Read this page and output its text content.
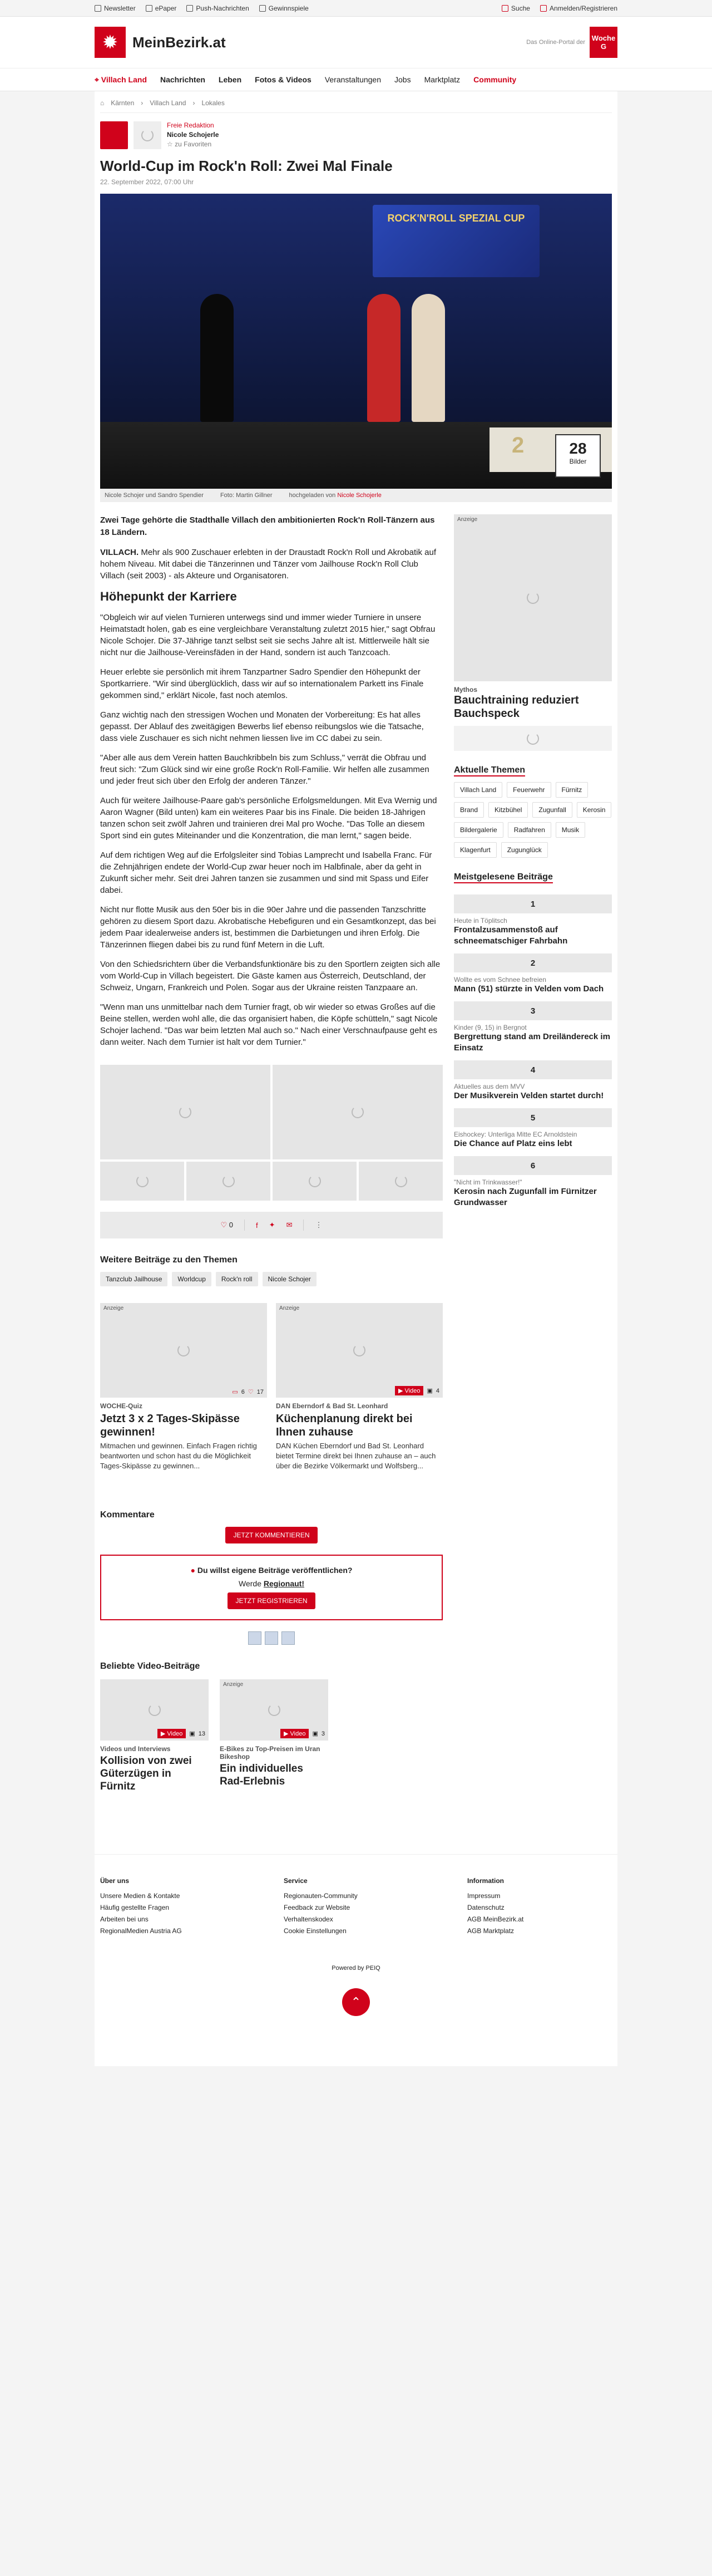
Newsletter	ePaper	Push-Nachrichten	Gewinnspiele	Suche	Anmelden/Registrieren
✹	MeinBezirk.at	Das Online-Portal der Woche G
⌖ Villach Land Nachrichten Leben Fotos & Videos Veranstaltungen Jobs Marktplatz Community
⌂ Kärnten › Villach Land › Lokales
Freie Redaktion
Nicole Schojerle
☆ zu Favoriten
World-Cup im Rock'n Roll: Zwei Mal Finale
22. September 2022, 07:00 Uhr
ROCK'N'ROLL SPEZIAL CUP
2	28
Bilder
Nicole Schojer und Sandro Spendier	Foto: Martin Gillner	hochgeladen von Nicole Schojerle
Zwei Tage gehörte die Stadthalle Villach den ambitionierten Rock'n Roll-Tänzern aus 18 Ländern.

VILLACH. Mehr als 900 Zuschauer erlebten in der Draustadt Rock'n Roll und Akrobatik auf hohem Niveau. Mit dabei die Tänzerinnen und Tänzer vom Jailhouse Rock'n Roll Club Villach (seit 2003) - als Akteure und Organisatoren.

Höhepunkt der Karriere

"Obgleich wir auf vielen Turnieren unterwegs sind und immer wieder Turniere in unsere Heimatstadt holen, gab es eine vergleichbare Veranstaltung zuletzt 2015 hier," sagt Obfrau Nicole Schojer. Die 37-Jährige tanzt selbst seit sie sechs Jahre alt ist. Mittlerweile hält sie nicht nur die Jailhouse-Vereinsfäden in der Hand, sondern ist auch Tanzcoach.

Heuer erlebte sie persönlich mit ihrem Tanzpartner Sadro Spendier den Höhepunkt der Sportkarriere. "Wir sind überglücklich, dass wir auf so internationalem Parkett ins Finale gekommen sind," erklärt Nicole, fast noch atemlos.

Ganz wichtig nach den stressigen Wochen und Monaten der Vorbereitung: Es hat alles gepasst. Der Ablauf des zweitägigen Bewerbs lief ebenso reibungslos wie die Tatsache, dass viele Zuschauer es sich nicht nehmen liessen live im CC dabei zu sein.

"Aber alle aus dem Verein hatten Bauchkribbeln bis zum Schluss," verrät die Obfrau und freut sich: "Zum Glück sind wir eine große Rock'n Roll-Familie. Wir helfen alle zusammen und jeder freut sich über den Erfolg der anderen Tänzer."

Auch für weitere Jailhouse-Paare gab's persönliche Erfolgsmeldungen. Mit Eva Wernig und Aaron Wagner (Bild unten) kam ein weiteres Paar bis ins Finale. Die beiden 18-Jährigen tanzen schon seit zwölf Jahren und trainieren drei Mal pro Woche. "Das Tolle an diesem Sport sind ein gutes Miteinander und die Konzentration, die man lernt," sagen beide.

Auf dem richtigen Weg auf die Erfolgsleiter sind Tobias Lamprecht und Isabella Franc. Für die Zehnjährigen endete der World-Cup zwar heuer noch im Halbfinale, aber da geht in Zukunft sicher mehr. Seit drei Jahren tanzen sie zusammen und sind mit Spass und Eifer dabei.

Nicht nur flotte Musik aus den 50er bis in die 90er Jahre und die passenden Tanzschritte gehören zu diesem Sport dazu. Akrobatische Hebefiguren und ein Gesamtkonzept, das bei jedem Paar idealerweise anders ist, bestimmen die Darbietungen und ihren Erfolg. Die Tänzerinnen fliegen dabei bis zu rund fünf Metern in die Luft.

Von den Schiedsrichtern über die Verbandsfunktionäre bis zu den Sportlern zeigten sich alle vom World-Cup in Villach begeistert. Die Gäste kamen aus Österreich, Deutschland, der Schweiz, Ungarn, Frankreich und Polen. Sogar aus der Ukraine reisten Tanzpaare an.

"Wenn man uns unmittelbar nach dem Turnier fragt, ob wir wieder so etwas Großes auf die Beine stellen, werden wohl alle, die das organisiert haben, die Köpfe schütteln," sagt Nicole Schojer lachend. "Das war beim letzten Mal auch so." Nach einer Verschnaufpause geht es dann weiter. Nach dem Turnier ist halt vor dem Turnier."

♡ 0	f ✦ ✉	⋮
Weitere Beiträge zu den Themen
Tanzclub Jailhouse	Worldcup	Rock'n roll	Nicole Schojer
Anzeige
▭ 6 ♡ 17
WOCHE-Quiz
Jetzt 3 x 2 Tages-Skipässe gewinnen!
Mitmachen und gewinnen. Einfach Fragen richtig beantworten und schon hast du die Möglichkeit Tages-Skipässe zu gewinnen...
Anzeige
▶ Video	▣ 4
DAN Eberndorf & Bad St. Leonhard
Küchenplanung direkt bei Ihnen zuhause
DAN Küchen Eberndorf und Bad St. Leonhard bietet Termine direkt bei Ihnen zuhause an – auch über die Bezirke Völkermarkt und Wolfsberg...
Kommentare
JETZT KOMMENTIEREN
● Du willst eigene Beiträge veröffentlichen?
Werde Regionaut!
JETZT REGISTRIEREN
Beliebte Video-Beiträge
▶ Video	▣ 13
Videos und Interviews
Kollision von zwei Güterzügen in Fürnitz
Anzeige
▶ Video	▣ 3
E-Bikes zu Top-Preisen im Uran Bikeshop
Ein individuelles Rad-Erlebnis
Anzeige
Mythos
Bauchtraining reduziert Bauchspeck
Aktuelle Themen
Villach Land	Feuerwehr	Fürnitz
Brand	Kitzbühel	Zugunfall	Kerosin
Bildergalerie	Radfahren	Musik
Klagenfurt	Zugunglück
Meistgelesene Beiträge
1
Heute in Töplitsch
Frontalzusammenstoß auf schneematschiger Fahrbahn
2
Wollte es vom Schnee befreien
Mann (51) stürzte in Velden vom Dach
3
Kinder (9, 15) in Bergnot
Bergrettung stand am Dreiländereck im Einsatz
4
Aktuelles aus dem MVV
Der Musikverein Velden startet durch!
5
Eishockey: Unterliga Mitte EC Arnoldstein
Die Chance auf Platz eins lebt
6
"Nicht im Trinkwasser!"
Kerosin nach Zugunfall im Fürnitzer Grundwasser
Über uns
Unsere Medien & Kontakte
Häufig gestellte Fragen
Arbeiten bei uns
RegionalMedien Austria AG
Service
Regionauten-Community
Feedback zur Website
Verhaltenskodex
Cookie Einstellungen
Information
Impressum
Datenschutz
AGB MeinBezirk.at
AGB Marktplatz
Powered by PEIQ
⌃
